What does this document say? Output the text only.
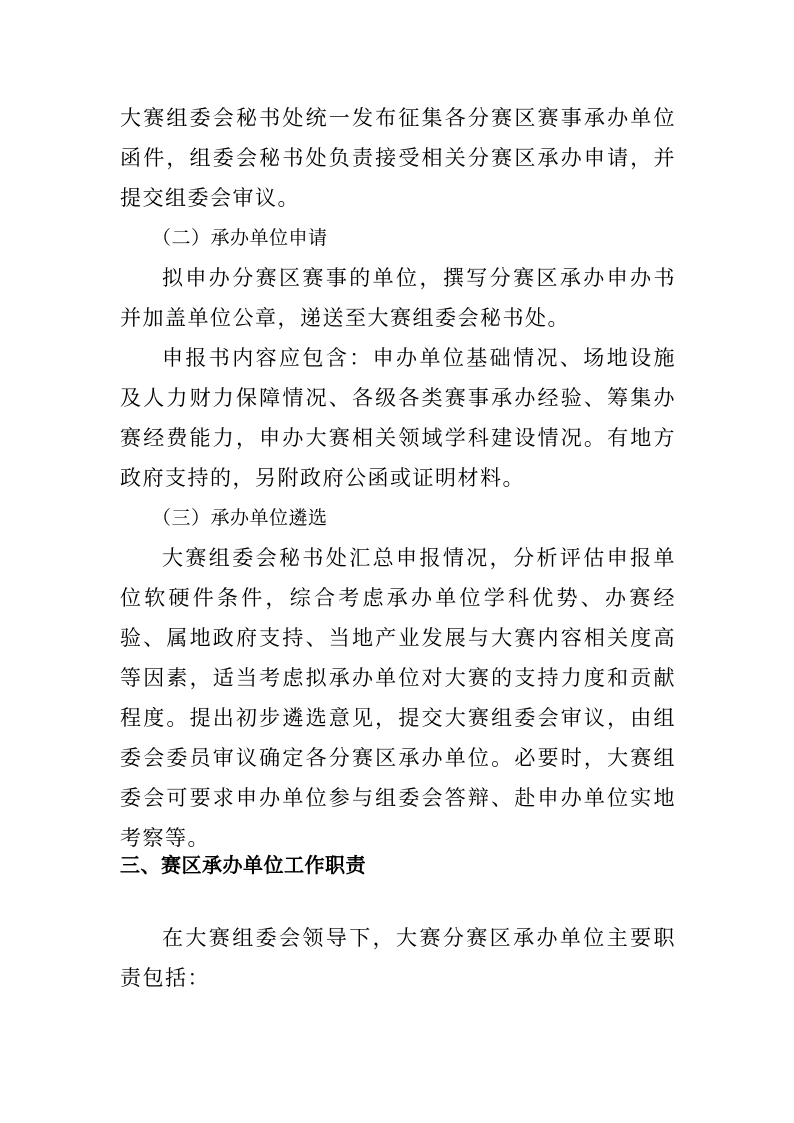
大赛组委会秘书处统一发布征集各分赛区赛事承办单位函件，组委会秘书处负责接受相关分赛区承办申请，并提交组委会审议。

（二）承办单位申请

拟申办分赛区赛事的单位，撰写分赛区承办申办书并加盖单位公章，递送至大赛组委会秘书处。

申报书内容应包含：申办单位基础情况、场地设施及人力财力保障情况、各级各类赛事承办经验、筹集办赛经费能力，申办大赛相关领域学科建设情况。有地方政府支持的，另附政府公函或证明材料。

（三）承办单位遴选

大赛组委会秘书处汇总申报情况，分析评估申报单位软硬件条件，综合考虑承办单位学科优势、办赛经验、属地政府支持、当地产业发展与大赛内容相关度高等因素，适当考虑拟承办单位对大赛的支持力度和贡献程度。提出初步遴选意见，提交大赛组委会审议，由组委会委员审议确定各分赛区承办单位。必要时，大赛组委会可要求申办单位参与组委会答辩、赴申办单位实地考察等。

三、赛区承办单位工作职责

在大赛组委会领导下，大赛分赛区承办单位主要职责包括：
